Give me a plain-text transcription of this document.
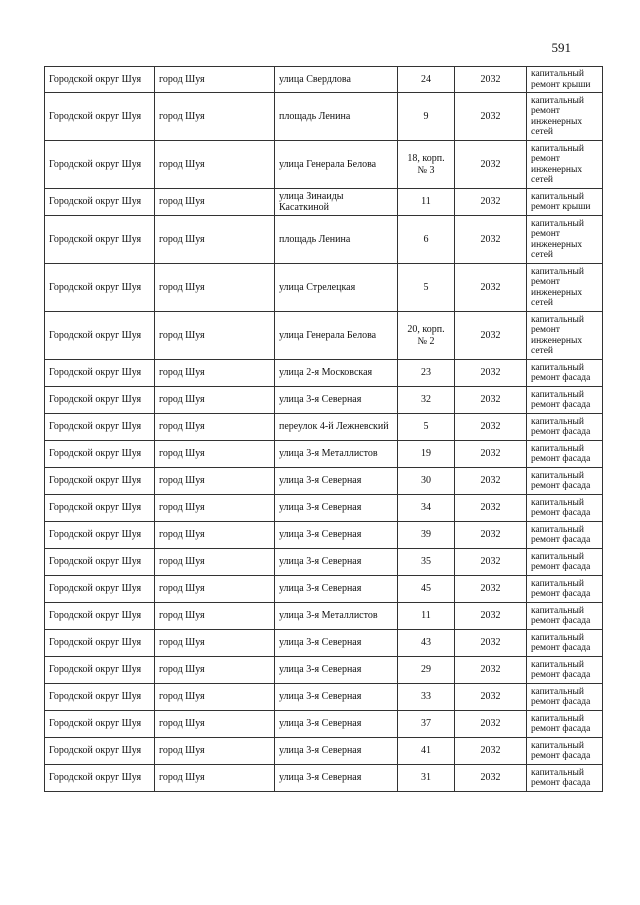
591
Городской округ Шуя	город Шуя	улица Свердлова	24	2032	капитальный ремонт крыши
Городской округ Шуя	город Шуя	площадь Ленина	9	2032	капитальный ремонт инженерных сетей
Городской округ Шуя	город Шуя	улица Генерала Белова	18, корп. № 3	2032	капитальный ремонт инженерных сетей
Городской округ Шуя	город Шуя	улица Зинаиды Касаткиной	11	2032	капитальный ремонт крыши
Городской округ Шуя	город Шуя	площадь Ленина	6	2032	капитальный ремонт инженерных сетей
Городской округ Шуя	город Шуя	улица Стрелецкая	5	2032	капитальный ремонт инженерных сетей
Городской округ Шуя	город Шуя	улица Генерала Белова	20, корп. № 2	2032	капитальный ремонт инженерных сетей
Городской округ Шуя	город Шуя	улица 2-я Московская	23	2032	капитальный ремонт фасада
Городской округ Шуя	город Шуя	улица 3-я Северная	32	2032	капитальный ремонт фасада
Городской округ Шуя	город Шуя	переулок 4-й Лежневский	5	2032	капитальный ремонт фасада
Городской округ Шуя	город Шуя	улица 3-я Металлистов	19	2032	капитальный ремонт фасада
Городской округ Шуя	город Шуя	улица 3-я Северная	30	2032	капитальный ремонт фасада
Городской округ Шуя	город Шуя	улица 3-я Северная	34	2032	капитальный ремонт фасада
Городской округ Шуя	город Шуя	улица 3-я Северная	39	2032	капитальный ремонт фасада
Городской округ Шуя	город Шуя	улица 3-я Северная	35	2032	капитальный ремонт фасада
Городской округ Шуя	город Шуя	улица 3-я Северная	45	2032	капитальный ремонт фасада
Городской округ Шуя	город Шуя	улица 3-я Металлистов	11	2032	капитальный ремонт фасада
Городской округ Шуя	город Шуя	улица 3-я Северная	43	2032	капитальный ремонт фасада
Городской округ Шуя	город Шуя	улица 3-я Северная	29	2032	капитальный ремонт фасада
Городской округ Шуя	город Шуя	улица 3-я Северная	33	2032	капитальный ремонт фасада
Городской округ Шуя	город Шуя	улица 3-я Северная	37	2032	капитальный ремонт фасада
Городской округ Шуя	город Шуя	улица 3-я Северная	41	2032	капитальный ремонт фасада
Городской округ Шуя	город Шуя	улица 3-я Северная	31	2032	капитальный ремонт фасада
